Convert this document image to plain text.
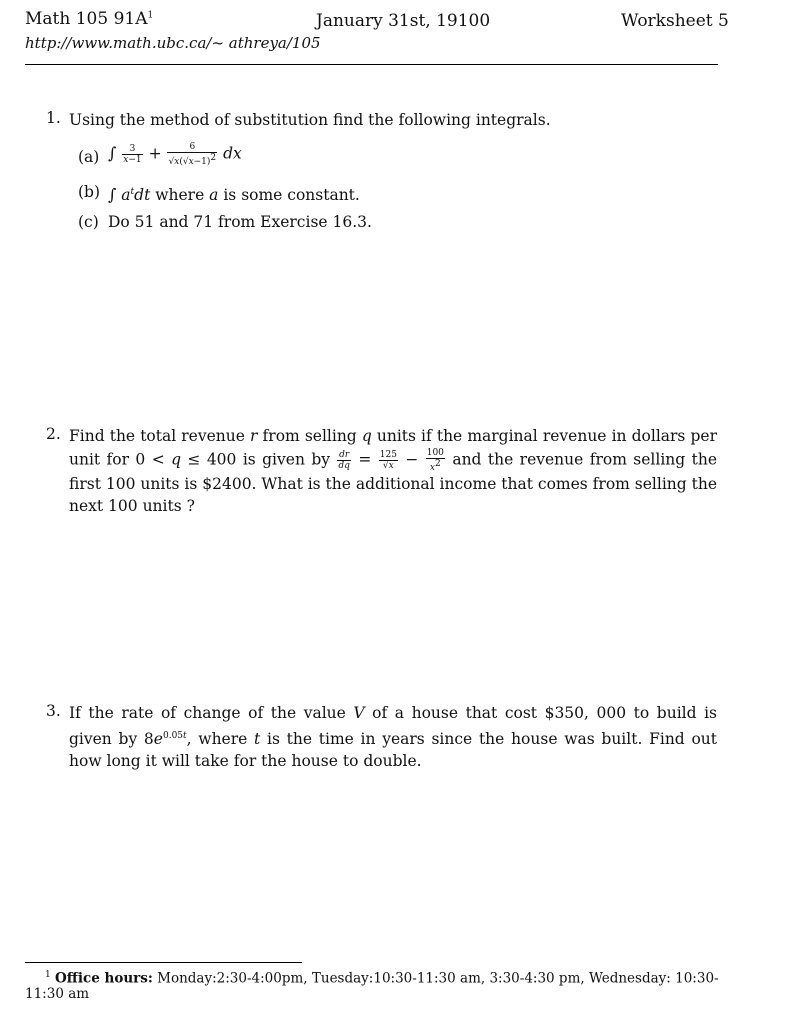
Math 105 $91A^1$	January 31st, 19100	Worksheet 5
http://www.math.ubc.ca/~ athreya/105
1. Using the method of substitution find the following integrals.
(a) ∫ $\frac{3}{x-1} + \frac{6}{√x(√x-1)^2}$ dx
(b) ∫ $a^tdt$ where a is some constant.
(c) Do 51 and 71 from Exercise 16.3.
2. Find the total revenue r from selling q units if the marginal revenue in dollars per unit for 0 < q ≤ 400 is given by $\frac{dr}{dq} = \frac{125}{√x} - \frac{100}{x^2}$ and the revenue from selling the first 100 units is $2400. What is the additional income that comes from selling the next 100 units ?
3. If the rate of change of the value V of a house that cost $350, 000 to build is given by $8e^{0.05t}$, where t is the time in years since the house was built. Find out how long it will take for the house to double.
$^1$ Office hours: Monday:2:30-4:00pm, Tuesday:10:30-11:30 am, 3:30-4:30 pm, Wednesday: 10:30-
11:30 am
